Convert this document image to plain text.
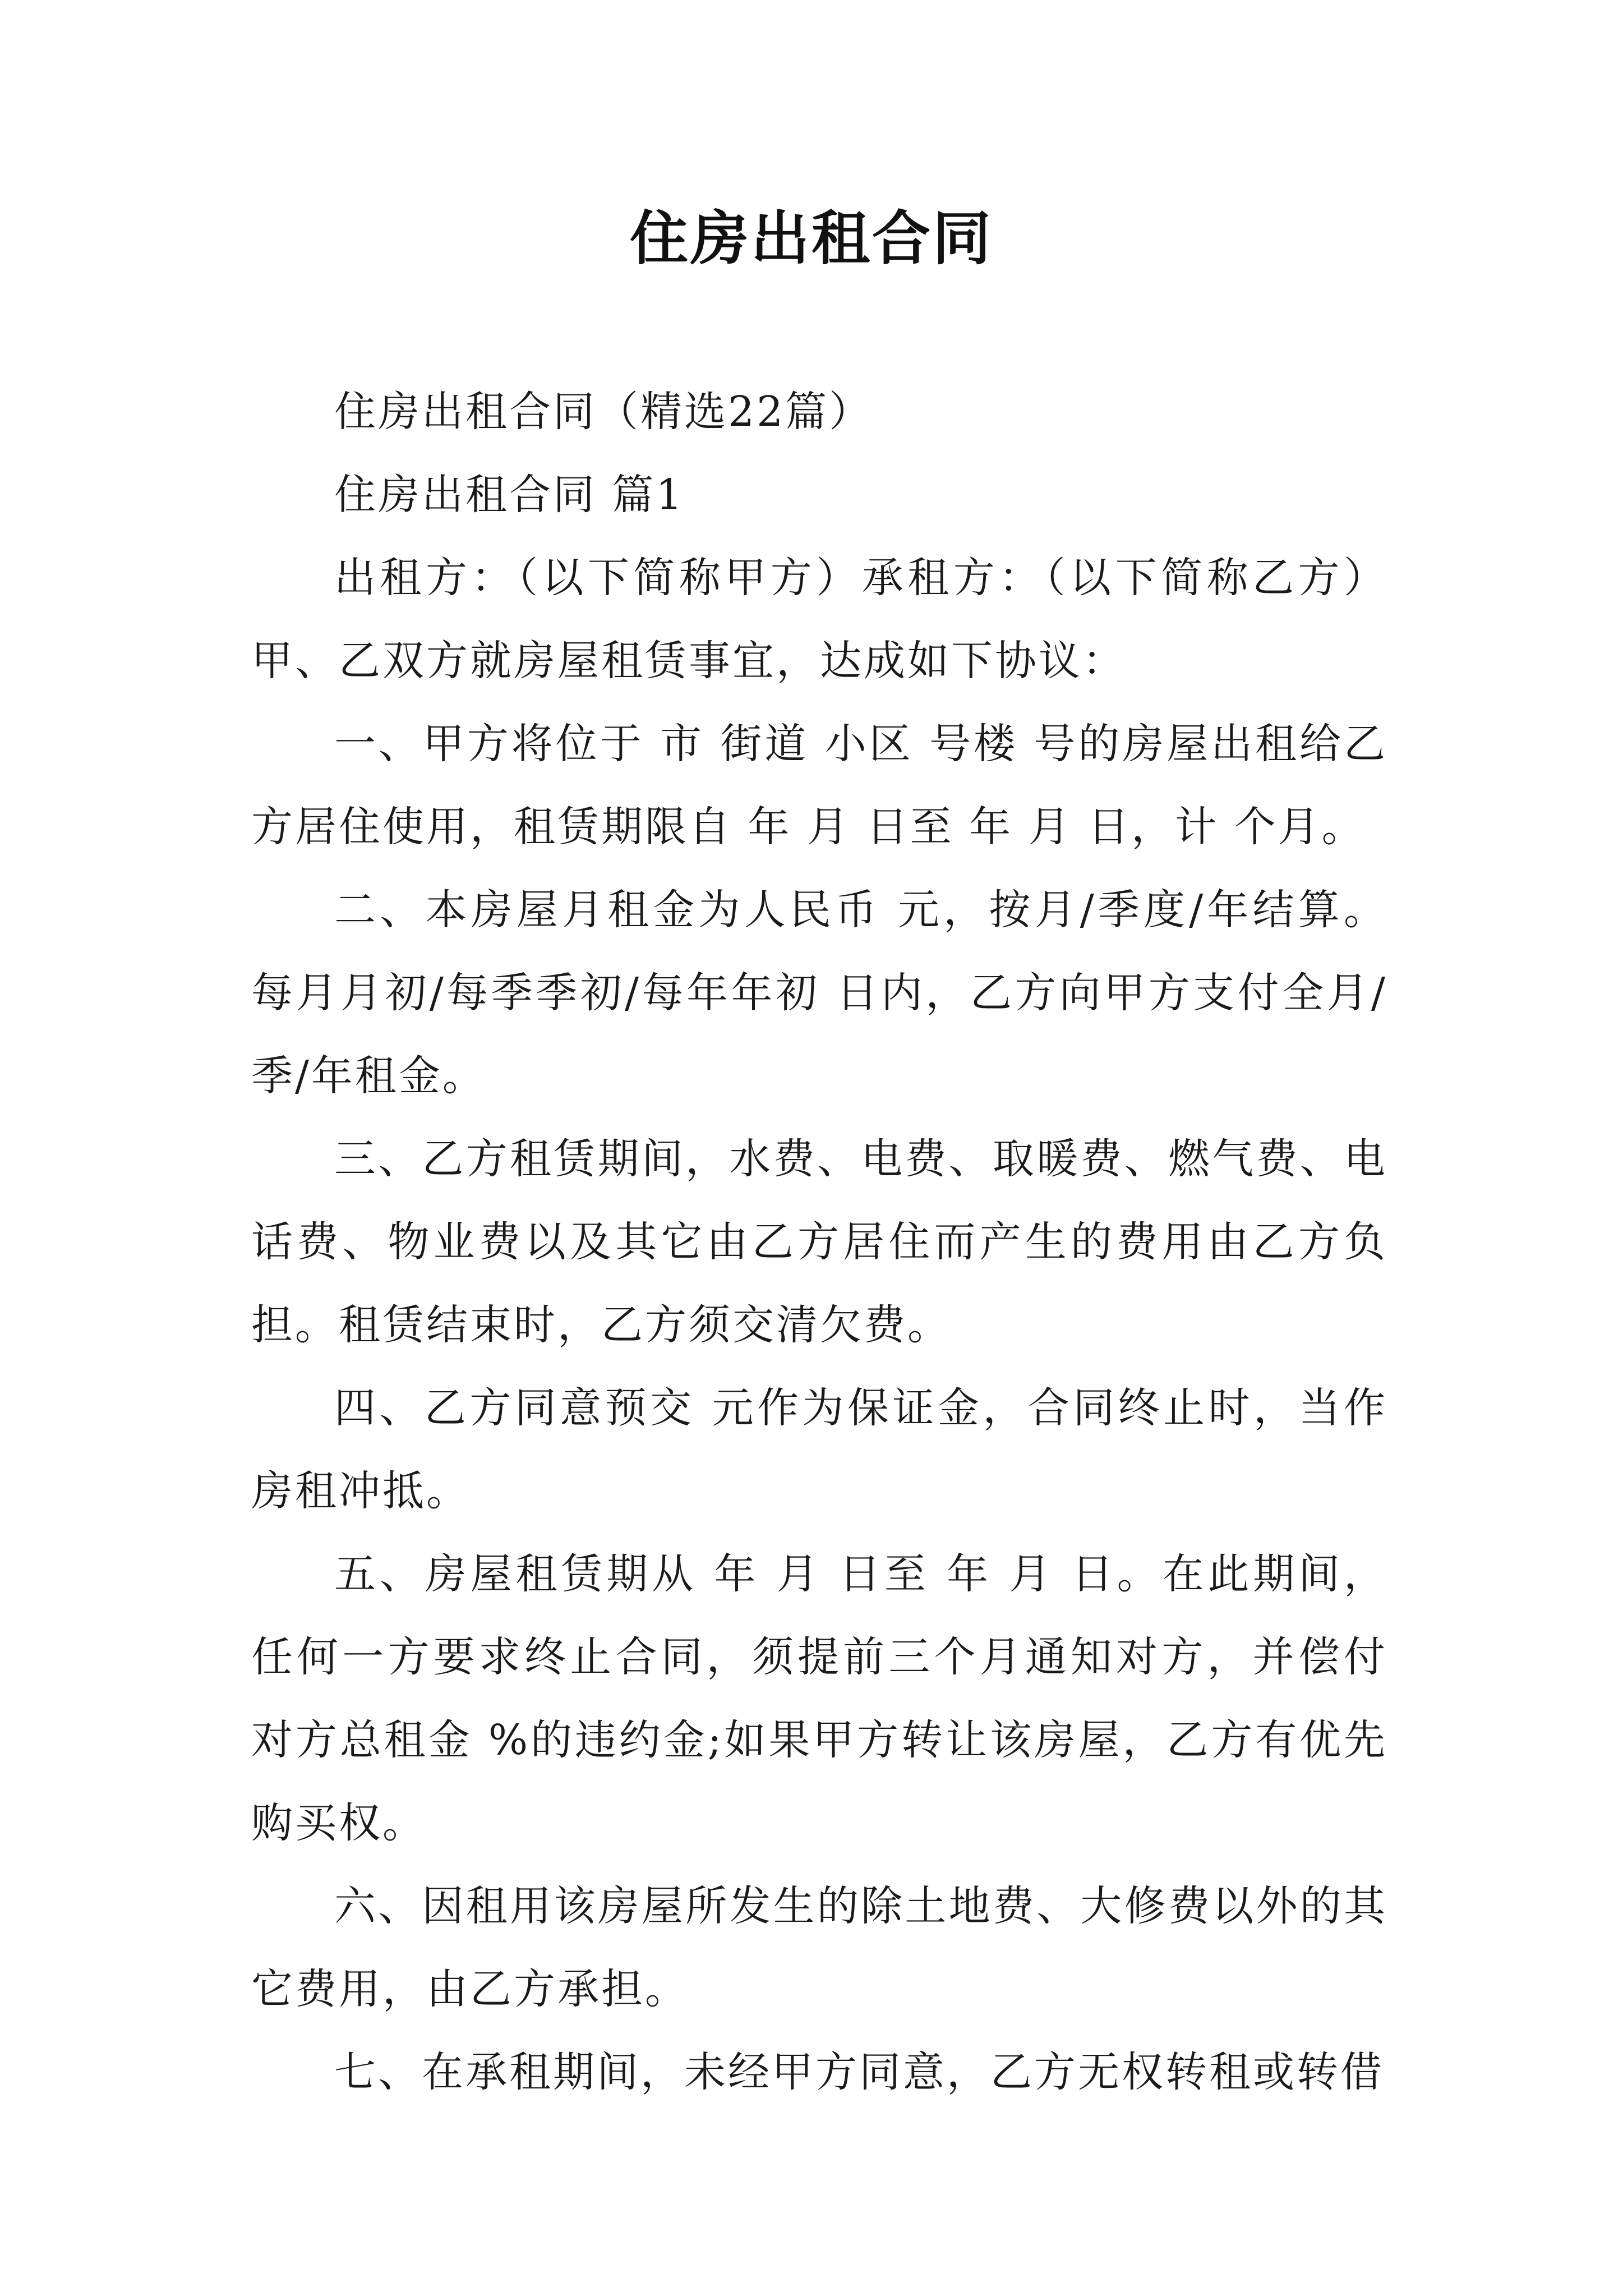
住房出租合同

住房出租合同（精选22篇）

住房出租合同 篇1

出租方：（以下简称甲方）承租方：（以下简称乙方）甲、乙双方就房屋租赁事宜，达成如下协议：

一、甲方将位于 市 街道 小区 号楼 号的房屋出租给乙方居住使用，租赁期限自 年 月 日至 年 月 日，计 个月。

二、本房屋月租金为人民币 元，按月/季度/年结算。每月月初/每季季初/每年年初 日内，乙方向甲方支付全月/季/年租金。

三、乙方租赁期间，水费、电费、取暖费、燃气费、电话费、物业费以及其它由乙方居住而产生的费用由乙方负担。租赁结束时，乙方须交清欠费。

四、乙方同意预交 元作为保证金，合同终止时，当作房租冲抵。

五、房屋租赁期从 年 月 日至 年 月 日。在此期间，任何一方要求终止合同，须提前三个月通知对方，并偿付对方总租金 %的违约金;如果甲方转让该房屋，乙方有优先购买权。

六、因租用该房屋所发生的除土地费、大修费以外的其它费用，由乙方承担。

七、在承租期间，未经甲方同意，乙方无权转租或转借
